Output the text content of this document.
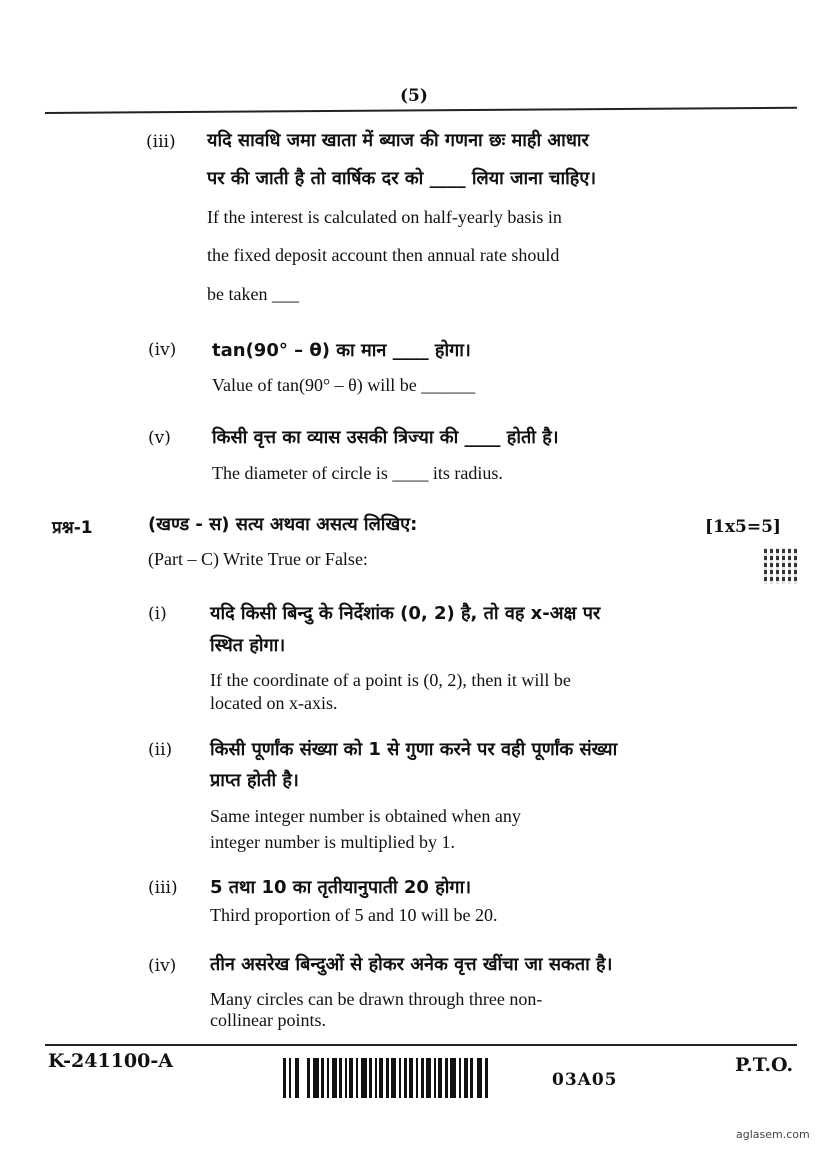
(5)
(iii) यदि सावधि जमा खाता में ब्याज की गणना छः माही आधार
पर की जाती है तो वार्षिक दर को ____ लिया जाना चाहिए।
If the interest is calculated on half-yearly basis in
the fixed deposit account then annual rate should
be taken ___
(iv) tan(90° – θ) का मान ____ होगा।
Value of tan(90° – θ) will be ______
(v) किसी वृत्त का व्यास उसकी त्रिज्या की ____ होती है।
The diameter of circle is ____ its radius.
प्रश्न-1	(खण्ड - स) सत्य अथवा असत्य लिखिए:	[1x5=5]
(Part – C) Write True or False:
(i) यदि किसी बिन्दु के निर्देशांक (0, 2) है, तो वह x-अक्ष पर
स्थित होगा।
If the coordinate of a point is (0, 2), then it will be
located on x-axis.
(ii) किसी पूर्णांक संख्या को 1 से गुणा करने पर वही पूर्णांक संख्या
प्राप्त होती है।
Same integer number is obtained when any
integer number is multiplied by 1.
(iii) 5 तथा 10 का तृतीयानुपाती 20 होगा।
Third proportion of 5 and 10 will be 20.
(iv) तीन असरेख बिन्दुओं से होकर अनेक वृत्त खींचा जा सकता है।
Many circles can be drawn through three non-
collinear points.
K-241100-A
03A05
P.T.O.
aglasem.com
